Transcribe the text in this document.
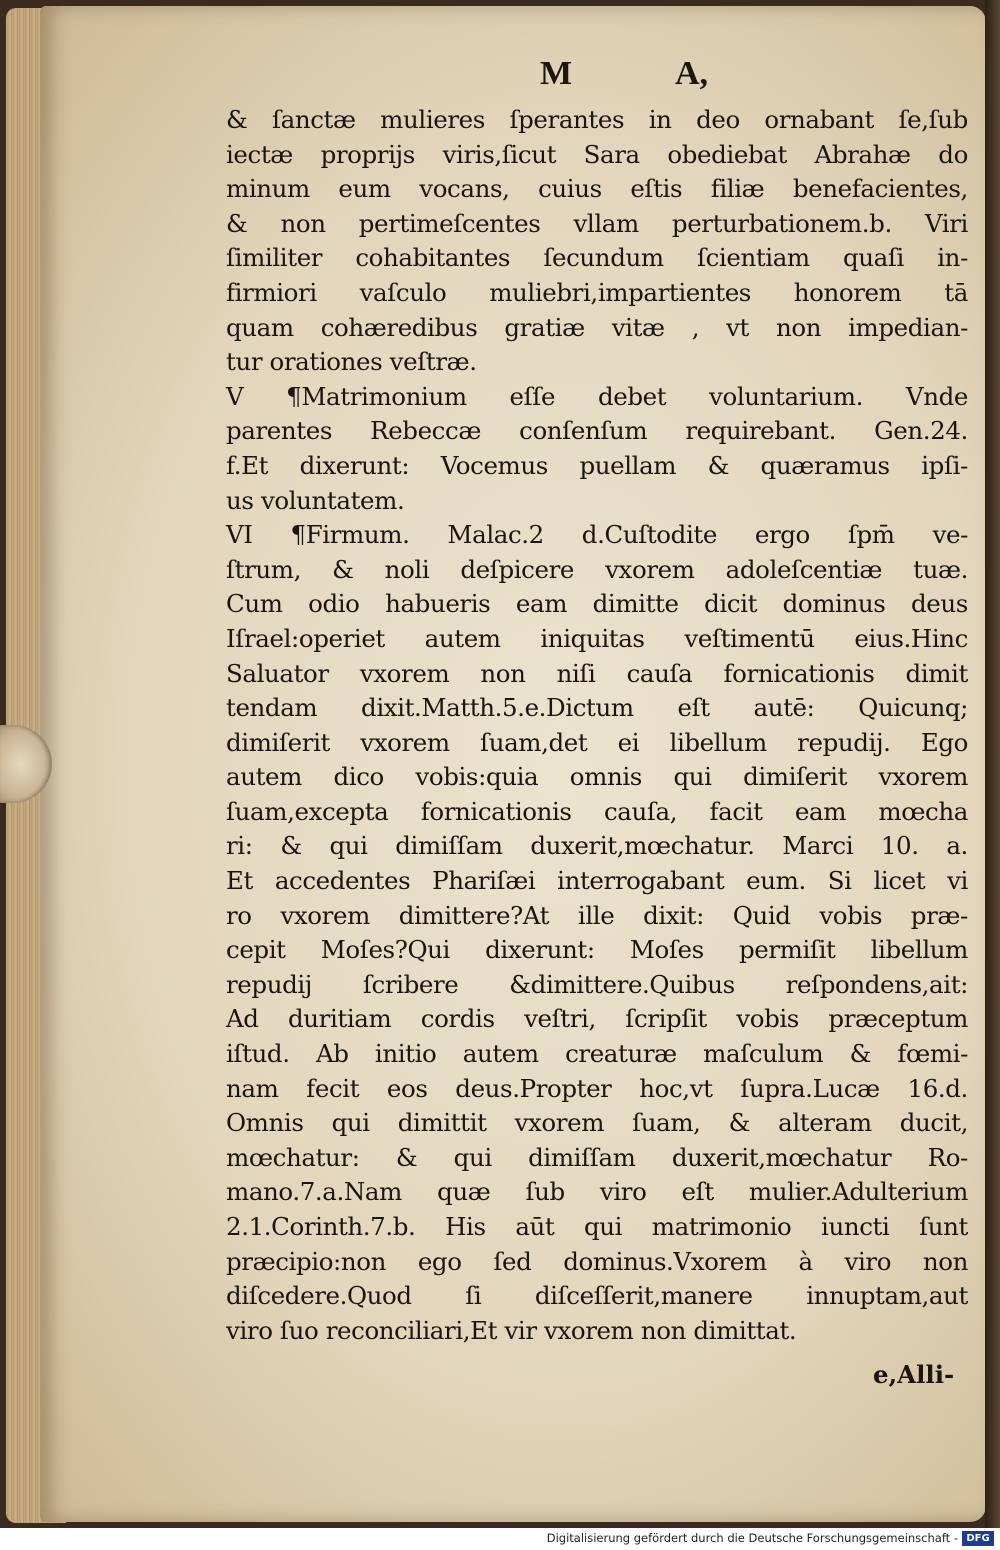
M	A,
& ſanctæ mulieres ſperantes in deo ornabant ſe,ſub
iectæ proprijs viris,ſicut Sara obediebat Abrahæ do
minum eum vocans, cuius eſtis filiæ benefacientes,
& non pertimeſcentes vllam perturbationem.b. Viri
ſimiliter cohabitantes ſecundum ſcientiam quaſi in-
firmiori vaſculo muliebri,impartientes honorem tā
quam cohæredibus gratiæ vitæ , vt non impedian-
tur orationes veſtræ.
V ¶Matrimonium eſſe debet voluntarium. Vnde
parentes Rebeccæ conſenſum requirebant. Gen.24.
f.Et dixerunt: Vocemus puellam & quæramus ipſi-
us voluntatem.
VI ¶Firmum. Malac.2 d.Cuſtodite ergo ſpm̄ ve-
ſtrum, & noli deſpicere vxorem adoleſcentiæ tuæ.
Cum odio habueris eam dimitte dicit dominus deus
Iſrael:operiet autem iniquitas veſtimentū eius.Hinc
Saluator vxorem non niſi cauſa fornicationis dimit
tendam dixit.Matth.5.e.Dictum eſt autē: Quicunq;
dimiſerit vxorem ſuam,det ei libellum repudij. Ego
autem dico vobis:quia omnis qui dimiſerit vxorem
ſuam,excepta fornicationis cauſa, facit eam mœcha
ri: & qui dimiſſam duxerit,mœchatur. Marci 10. a.
Et accedentes Phariſæi interrogabant eum. Si licet vi
ro vxorem dimittere?At ille dixit: Quid vobis præ-
cepit Moſes?Qui dixerunt: Moſes permiſit libellum
repudij ſcribere &dimittere.Quibus reſpondens,ait:
Ad duritiam cordis veſtri, ſcripſit vobis præceptum
iſtud. Ab initio autem creaturæ maſculum & fœmi-
nam fecit eos deus.Propter hoc,vt ſupra.Lucæ 16.d.
Omnis qui dimittit vxorem ſuam, & alteram ducit,
mœchatur: & qui dimiſſam duxerit,mœchatur Ro-
mano.7.a.Nam quæ ſub viro eſt mulier.Adulterium
2.1.Corinth.7.b. His aūt qui matrimonio iuncti ſunt
præcipio:non ego ſed dominus.Vxorem à viro non
diſcedere.Quod ſi diſceſſerit,manere innuptam,aut
viro ſuo reconciliari,Et vir vxorem non dimittat.
e,Alli-
Digitalisierung gefördert durch die Deutsche Forschungsgemeinschaft - DFG
